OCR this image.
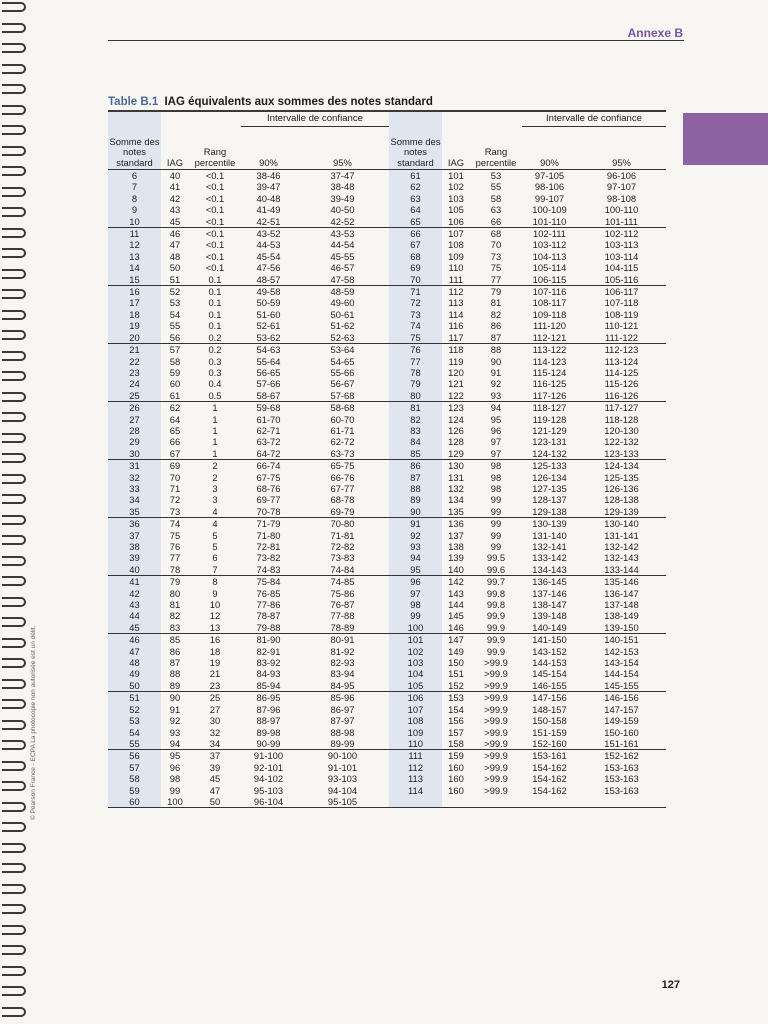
Annexe B
Table B.1 IAG équivalents aux sommes des notes standard
			Intervalle de confiance					Intervalle de confiance	
Somme des notes standard	IAG	Rang percentile	90%	95%	Somme des notes standard	IAG	Rang percentile	90%	95%
6	40	<0.1	38-46	37-47	61	101	53	97-105	96-106
7	41	<0.1	39-47	38-48	62	102	55	98-106	97-107
8	42	<0.1	40-48	39-49	63	103	58	99-107	98-108
9	43	<0.1	41-49	40-50	64	105	63	100-109	100-110
10	45	<0.1	42-51	42-52	65	106	66	101-110	101-111
11	46	<0.1	43-52	43-53	66	107	68	102-111	102-112
12	47	<0.1	44-53	44-54	67	108	70	103-112	103-113
13	48	<0.1	45-54	45-55	68	109	73	104-113	103-114
14	50	<0.1	47-56	46-57	69	110	75	105-114	104-115
15	51	0.1	48-57	47-58	70	111	77	106-115	105-116
16	52	0.1	49-58	48-59	71	112	79	107-116	106-117
17	53	0.1	50-59	49-60	72	113	81	108-117	107-118
18	54	0.1	51-60	50-61	73	114	82	109-118	108-119
19	55	0.1	52-61	51-62	74	116	86	111-120	110-121
20	56	0.2	53-62	52-63	75	117	87	112-121	111-122
21	57	0.2	54-63	53-64	76	118	88	113-122	112-123
22	58	0.3	55-64	54-65	77	119	90	114-123	113-124
23	59	0.3	56-65	55-66	78	120	91	115-124	114-125
24	60	0.4	57-66	56-67	79	121	92	116-125	115-126
25	61	0.5	58-67	57-68	80	122	93	117-126	116-126
26	62	1	59-68	58-68	81	123	94	118-127	117-127
27	64	1	61-70	60-70	82	124	95	119-128	118-128
28	65	1	62-71	61-71	83	126	96	121-129	120-130
29	66	1	63-72	62-72	84	128	97	123-131	122-132
30	67	1	64-72	63-73	85	129	97	124-132	123-133
31	69	2	66-74	65-75	86	130	98	125-133	124-134
32	70	2	67-75	66-76	87	131	98	126-134	125-135
33	71	3	68-76	67-77	88	132	98	127-135	126-136
34	72	3	69-77	68-78	89	134	99	128-137	128-138
35	73	4	70-78	69-79	90	135	99	129-138	129-139
36	74	4	71-79	70-80	91	136	99	130-139	130-140
37	75	5	71-80	71-81	92	137	99	131-140	131-141
38	76	5	72-81	72-82	93	138	99	132-141	132-142
39	77	6	73-82	73-83	94	139	99.5	133-142	132-143
40	78	7	74-83	74-84	95	140	99.6	134-143	133-144
41	79	8	75-84	74-85	96	142	99.7	136-145	135-146
42	80	9	76-85	75-86	97	143	99.8	137-146	136-147
43	81	10	77-86	76-87	98	144	99.8	138-147	137-148
44	82	12	78-87	77-88	99	145	99.9	139-148	138-149
45	83	13	79-88	78-89	100	146	99.9	140-149	139-150
46	85	16	81-90	80-91	101	147	99.9	141-150	140-151
47	86	18	82-91	81-92	102	149	99.9	143-152	142-153
48	87	19	83-92	82-93	103	150	>99.9	144-153	143-154
49	88	21	84-93	83-94	104	151	>99.9	145-154	144-154
50	89	23	85-94	84-95	105	152	>99.9	146-155	145-155
51	90	25	86-95	85-96	106	153	>99.9	147-156	146-156
52	91	27	87-96	86-97	107	154	>99.9	148-157	147-157
53	92	30	88-97	87-97	108	156	>99.9	150-158	149-159
54	93	32	89-98	88-98	109	157	>99.9	151-159	150-160
55	94	34	90-99	89-99	110	158	>99.9	152-160	151-161
56	95	37	91-100	90-100	111	159	>99.9	153-161	152-162
57	96	39	92-101	91-101	112	160	>99.9	154-162	153-163
58	98	45	94-102	93-103	113	160	>99.9	154-162	153-163
59	99	47	95-103	94-104	114	160	>99.9	154-162	153-163
60	100	50	96-104	95-105					
© Pearson France - ECPA La photocopie non autorisée est un délit.
127
